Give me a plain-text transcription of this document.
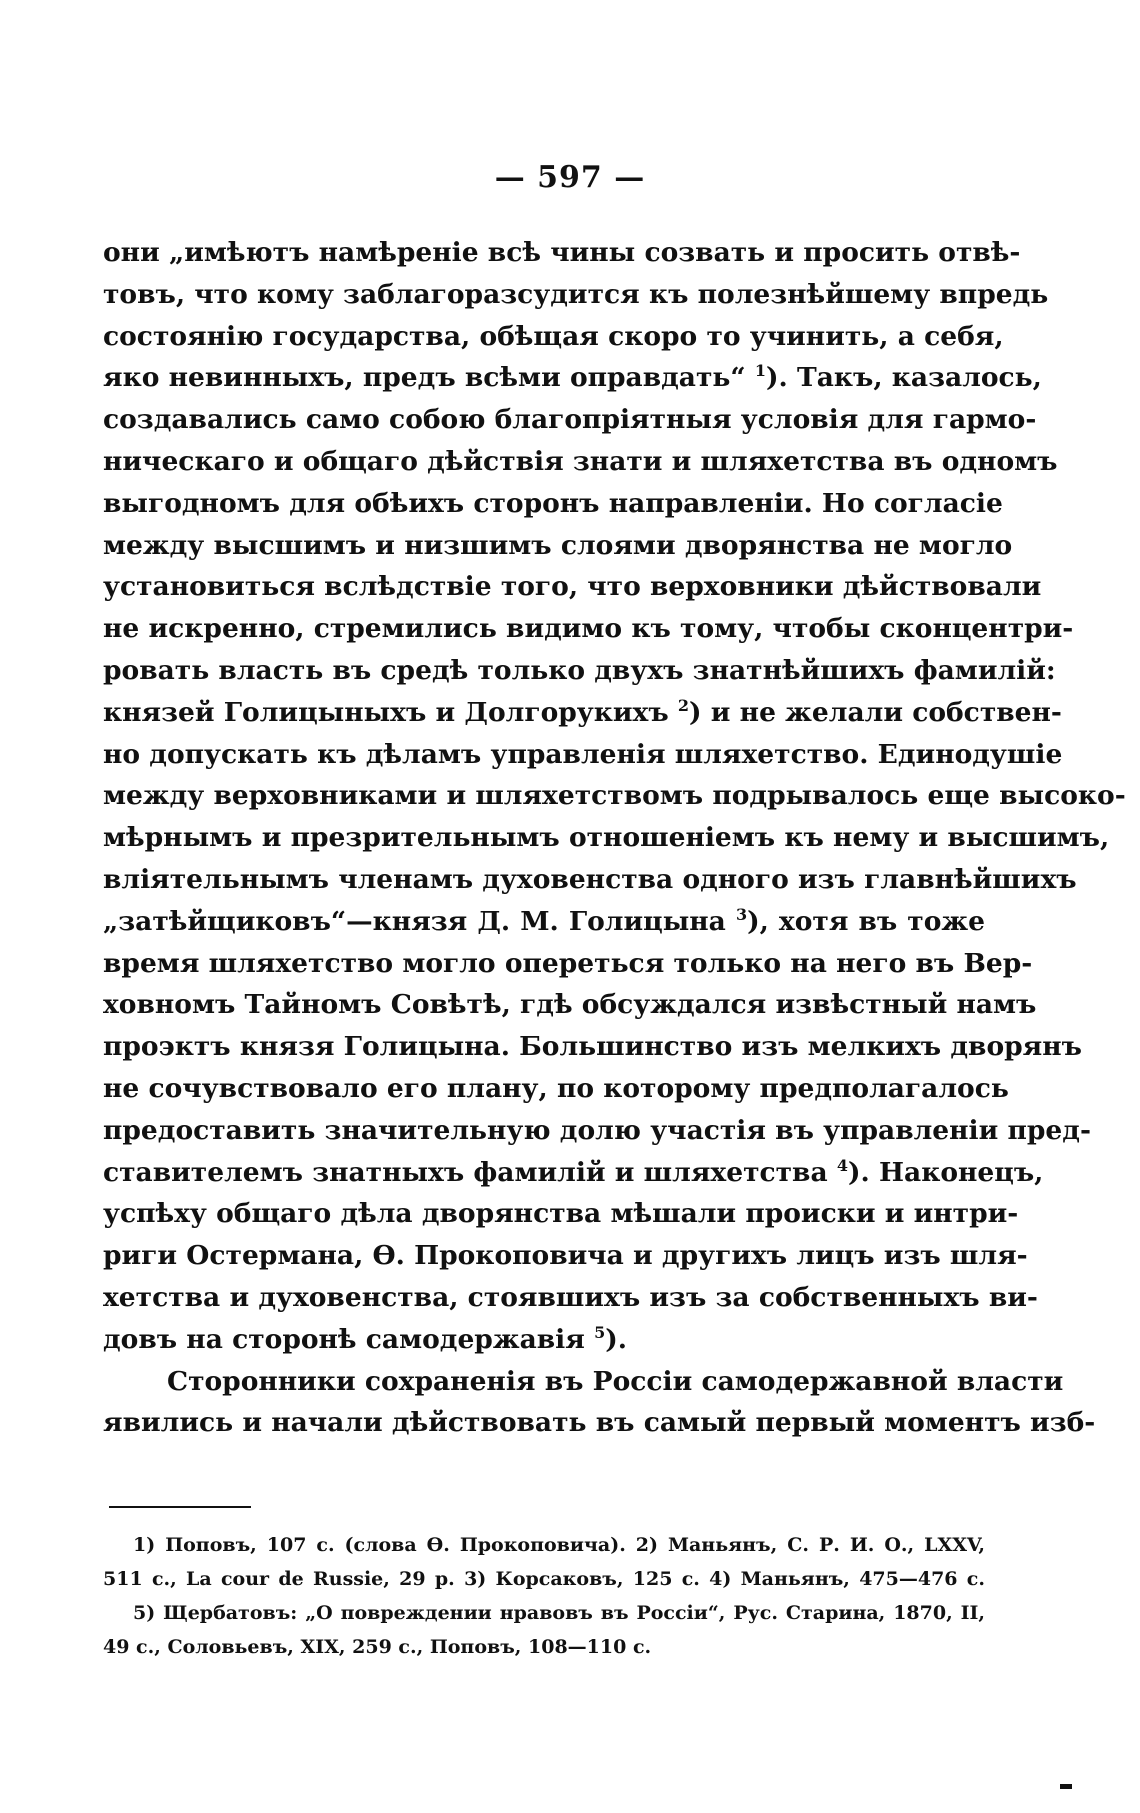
— 597 —
они „имѣютъ намѣреніе всѣ чины созвать и просить отвѣ-
товъ, что кому заблагоразсудится къ полезнѣйшему впредь
состоянію государства, обѣщая скоро то учинить, а себя,
яко невинныхъ, предъ всѣми оправдать“ $^1$). Такъ, казалось,
создавались само собою благопріятныя условія для гармо-
ническаго и общаго дѣйствія знати и шляхетства въ одномъ
выгодномъ для обѣихъ сторонъ направленіи. Но согласіе
между высшимъ и низшимъ слоями дворянства не могло
установиться вслѣдствіе того, что верховники дѣйствовали
не искренно, стремились видимо къ тому, чтобы сконцентри-
ровать власть въ средѣ только двухъ знатнѣйшихъ фамилій:
князей Голицыныхъ и Долгорукихъ $^2$) и не желали собствен-
но допускать къ дѣламъ управленія шляхетство. Единодушіе
между верховниками и шляхетствомъ подрывалось еще высоко-
мѣрнымъ и презрительнымъ отношеніемъ къ нему и высшимъ,
вліятельнымъ членамъ духовенства одного изъ главнѣйшихъ
„затѣйщиковъ“—князя Д. М. Голицына $^3$), хотя въ тоже
время шляхетство могло опереться только на него въ Вер-
ховномъ Тайномъ Совѣтѣ, гдѣ обсуждался извѣстный намъ
проэктъ князя Голицына. Большинство изъ мелкихъ дворянъ
не сочувствовало его плану, по которому предполагалось
предоставить значительную долю участія въ управленіи пред-
ставителемъ знатныхъ фамилій и шляхетства $^4$). Наконецъ,
успѣху общаго дѣла дворянства мѣшали происки и интри-
риги Остермана, Ѳ. Прокоповича и другихъ лицъ изъ шля-
хетства и духовенства, стоявшихъ изъ за собственныхъ ви-
довъ на сторонѣ самодержавія $^5$).
Сторонники сохраненія въ Россіи самодержавной власти
явились и начали дѣйствовать въ самый первый моментъ изб-
1) Поповъ, 107 с. (слова Ѳ. Прокоповича). 2) Маньянъ, С. Р. И. О., LXXV,
511 с., La cour de Russie, 29 р. 3) Корсаковъ, 125 с. 4) Маньянъ, 475—476 с.
5) Щербатовъ: „О повреждении нравовъ въ Россіи“, Рус. Старина, 1870, II,
49 с., Соловьевъ, XIX, 259 с., Поповъ, 108—110 с.
